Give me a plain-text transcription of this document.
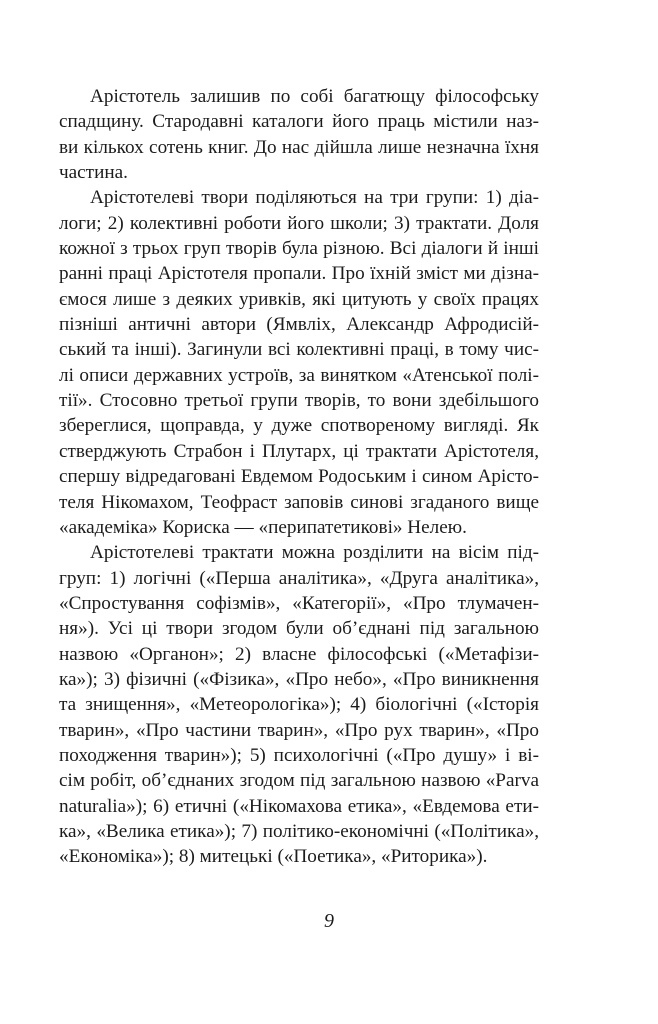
Арістотель залишив по собі багатющу філософську
спадщину. Стародавні каталоги його праць містили наз-
ви кількох сотень книг. До нас дійшла лише незначна їхня
частина.
Арістотелеві твори поділяються на три групи: 1) діа-
логи; 2) колективні роботи його школи; 3) трактати. Доля
кожної з трьох груп творів була різною. Всі діалоги й інші
ранні праці Арістотеля пропали. Про їхній зміст ми дізна-
ємося лише з деяких уривків, які цитують у своїх працях
пізніші античні автори (Ямвліх, Александр Афродисій-
ський та інші). Загинули всі колективні праці, в тому чис-
лі описи державних устроїв, за винятком «Атенської полі-
тії». Стосовно третьої групи творів, то вони здебільшого
збереглися, щоправда, у дуже спотвореному вигляді. Як
стверджують Страбон і Плутарх, ці трактати Арістотеля,
спершу відредаговані Евдемом Родоським і сином Арісто-
теля Нікомахом, Теофраст заповів синові згаданого вище
«академіка» Кориска — «перипатетикові» Нелею.
Арістотелеві трактати можна розділити на вісім під-
груп: 1) логічні («Перша аналітика», «Друга аналітика»,
«Спростування софізмів», «Категорії», «Про тлумачен-
ня»). Усі ці твори згодом були об’єднані під загальною
назвою «Органон»; 2) власне філософські («Метафізи-
ка»); 3) фізичні («Фізика», «Про небо», «Про виникнення
та знищення», «Метеорологіка»); 4) біологічні («Історія
тварин», «Про частини тварин», «Про рух тварин», «Про
походження тварин»); 5) психологічні («Про душу» і ві-
сім робіт, об’єднаних згодом під загальною назвою «Parva
naturalia»); 6) етичні («Нікомахова етика», «Евдемова ети-
ка», «Велика етика»); 7) політико-економічні («Політика»,
«Економіка»); 8) митецькі («Поетика», «Риторика»).
9
